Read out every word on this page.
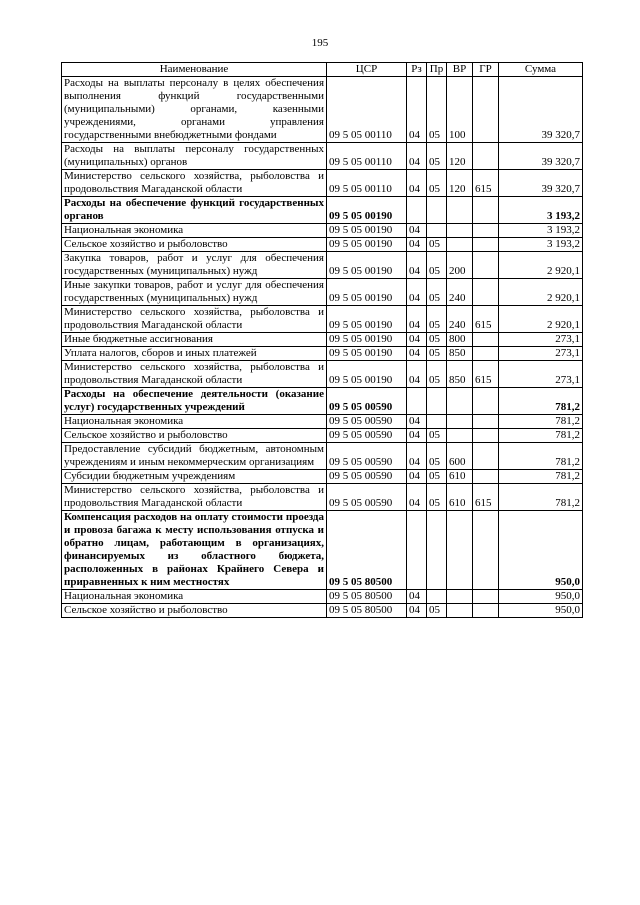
195
Наименование	ЦСР	Рз	Пр	ВР	ГР	Сумма
Расходы на выплаты персоналу в целях обеспечения выполнения функций государственными (муниципальными) органами, казенными учреждениями, органами управления государственными внебюджетными фондами	09 5 05 00110	04	05	100		39 320,7
Расходы на выплаты персоналу государственных (муниципальных) органов	09 5 05 00110	04	05	120		39 320,7
Министерство сельского хозяйства, рыболовства и продовольствия Магаданской области	09 5 05 00110	04	05	120	615	39 320,7
Расходы на обеспечение функций государственных органов	09 5 05 00190					3 193,2
Национальная экономика	09 5 05 00190	04				3 193,2
Сельское хозяйство и рыболовство	09 5 05 00190	04	05			3 193,2
Закупка товаров, работ и услуг для обеспечения государственных (муниципальных) нужд	09 5 05 00190	04	05	200		2 920,1
Иные закупки товаров, работ и услуг для обеспечения государственных (муниципальных) нужд	09 5 05 00190	04	05	240		2 920,1
Министерство сельского хозяйства, рыболовства и продовольствия Магаданской области	09 5 05 00190	04	05	240	615	2 920,1
Иные бюджетные ассигнования	09 5 05 00190	04	05	800		273,1
Уплата налогов, сборов и иных платежей	09 5 05 00190	04	05	850		273,1
Министерство сельского хозяйства, рыболовства и продовольствия Магаданской области	09 5 05 00190	04	05	850	615	273,1
Расходы на обеспечение деятельности (оказание услуг) государственных учреждений	09 5 05 00590					781,2
Национальная экономика	09 5 05 00590	04				781,2
Сельское хозяйство и рыболовство	09 5 05 00590	04	05			781,2
Предоставление субсидий бюджетным, автономным учреждениям и иным некоммерческим организациям	09 5 05 00590	04	05	600		781,2
Субсидии бюджетным учреждениям	09 5 05 00590	04	05	610		781,2
Министерство сельского хозяйства, рыболовства и продовольствия Магаданской области	09 5 05 00590	04	05	610	615	781,2
Компенсация расходов на оплату стоимости проезда и провоза багажа к месту использования отпуска и обратно лицам, работающим в организациях, финансируемых из областного бюджета, расположенных в районах Крайнего Севера и приравненных к ним местностях	09 5 05 80500					950,0
Национальная экономика	09 5 05 80500	04				950,0
Сельское хозяйство и рыболовство	09 5 05 80500	04	05			950,0
